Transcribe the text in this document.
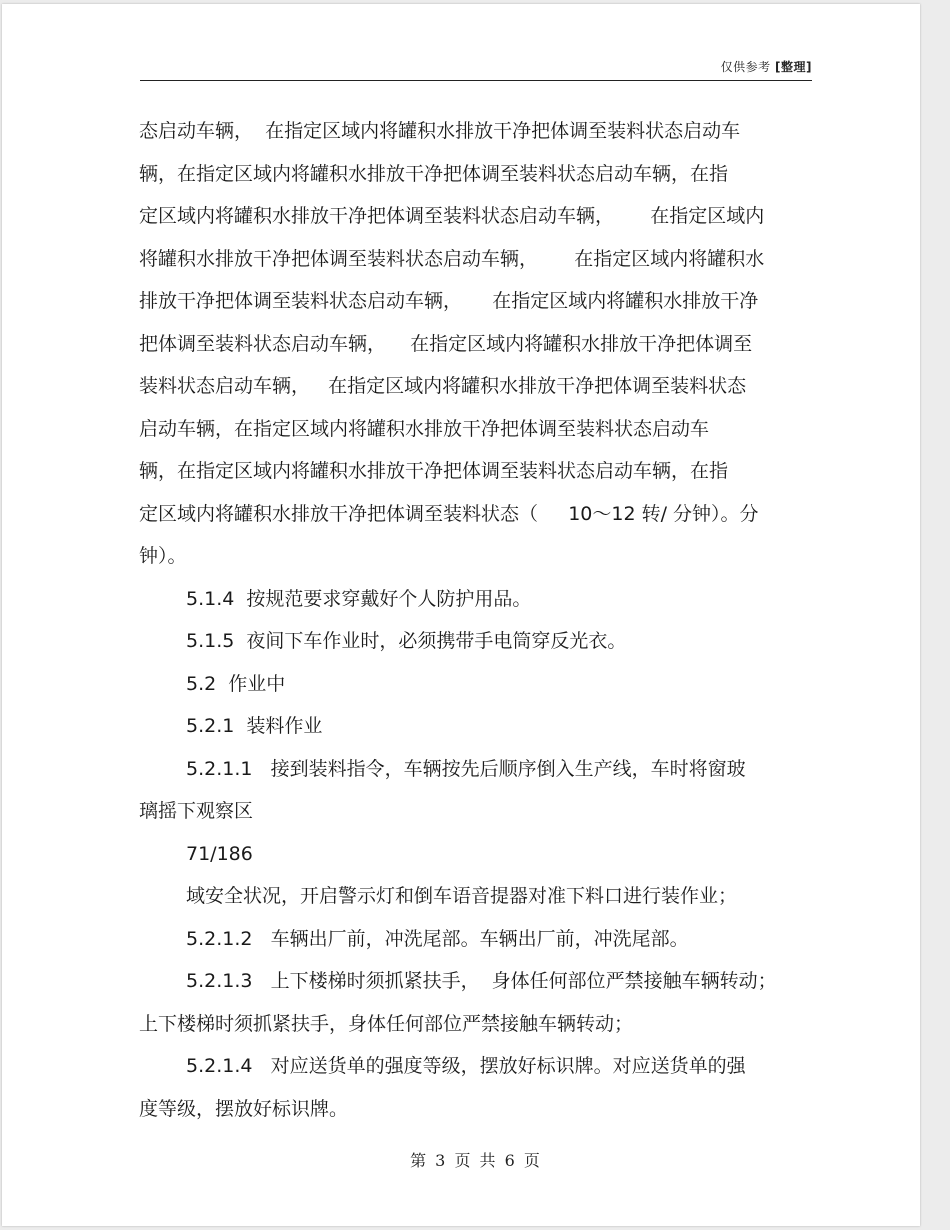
仅供参考 [整理]
态启动车辆，  在指定区域内将罐积水排放干净把体调至装料状态启动车
辆，在指定区域内将罐积水排放干净把体调至装料状态启动车辆，在指
定区域内将罐积水排放干净把体调至装料状态启动车辆，      在指定区域内
将罐积水排放干净把体调至装料状态启动车辆，      在指定区域内将罐积水
排放干净把体调至装料状态启动车辆，     在指定区域内将罐积水排放干净
把体调至装料状态启动车辆，    在指定区域内将罐积水排放干净把体调至
装料状态启动车辆，   在指定区域内将罐积水排放干净把体调至装料状态
启动车辆，在指定区域内将罐积水排放干净把体调至装料状态启动车
辆，在指定区域内将罐积水排放干净把体调至装料状态启动车辆，在指
定区域内将罐积水排放干净把体调至装料状态（     10～12 转/ 分钟）。分
钟）。
5.1.4  按规范要求穿戴好个人防护用品。
5.1.5  夜间下车作业时，必须携带手电筒穿反光衣。
5.2  作业中
5.2.1  装料作业
5.2.1.1   接到装料指令，车辆按先后顺序倒入生产线，车时将窗玻
璃摇下观察区
71/186
域安全状况，开启警示灯和倒车语音提器对准下料口进行装作业；
5.2.1.2   车辆出厂前，冲洗尾部。车辆出厂前，冲洗尾部。
5.2.1.3   上下楼梯时须抓紧扶手，  身体任何部位严禁接触车辆转动；
上下楼梯时须抓紧扶手，身体任何部位严禁接触车辆转动；
5.2.1.4   对应送货单的强度等级，摆放好标识牌。对应送货单的强
度等级，摆放好标识牌。
第 3 页 共 6 页
